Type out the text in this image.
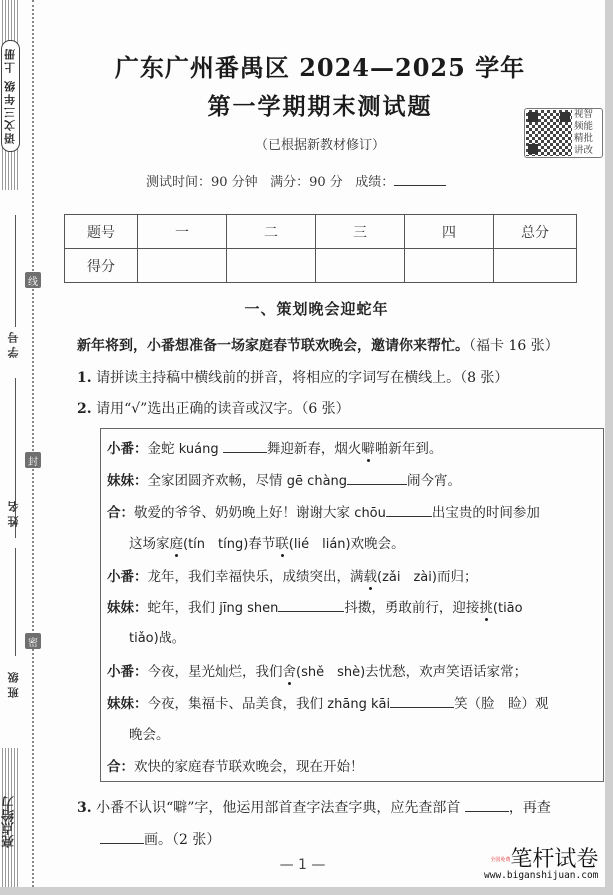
语文三年级 上册
学号
姓名
班级
线
封
密
亮点给力
广东广州番禺区 2024—2025 学年
第一学期期末测试题
（已根据新教材修订）
测试时间：90 分钟 满分：90 分 成绩：
视 智
频 能
精 批
讲 改
题号	一	二	三	四	总分
得分					
一、策划晚会迎蛇年
新年将到，小番想准备一场家庭春节联欢晚会，邀请你来帮忙。（福卡 16 张）
1. 请拼读主持稿中横线前的拼音，将相应的字词写在横线上。（8 张）
2. 请用“√”选出正确的读音或汉字。（6 张）
小番：金蛇 kuáng	舞迎新春，烟火噼啪新年到。
妹妹：全家团圆齐欢畅，尽情 gē chàng	闹今宵。
合：敬爱的爷爷、奶奶晚上好！谢谢大家 chōu	出宝贵的时间参加
这场家庭(tín　tíng)春节联(lié　lián)欢晚会。
小番：龙年，我们幸福快乐，成绩突出，满载(zǎi　zài)而归；
妹妹：蛇年，我们 jīng shen	抖擞，勇敢前行，迎接挑(tiāo
tiǎo)战。
小番：今夜，星光灿烂，我们舍(shě　shè)去忧愁，欢声笑语话家常；
妹妹：今夜，集福卡、品美食，我们 zhāng kāi	笑（脸　睑）观
晚会。
合：欢快的家庭春节联欢晚会，现在开始！
3. 小番不认识“噼”字，他运用部首查字法查字典，应先查部首	，再查
画。（2 张）
— 1 —	全国免费笔杆试卷
www.biganshijuan.com
